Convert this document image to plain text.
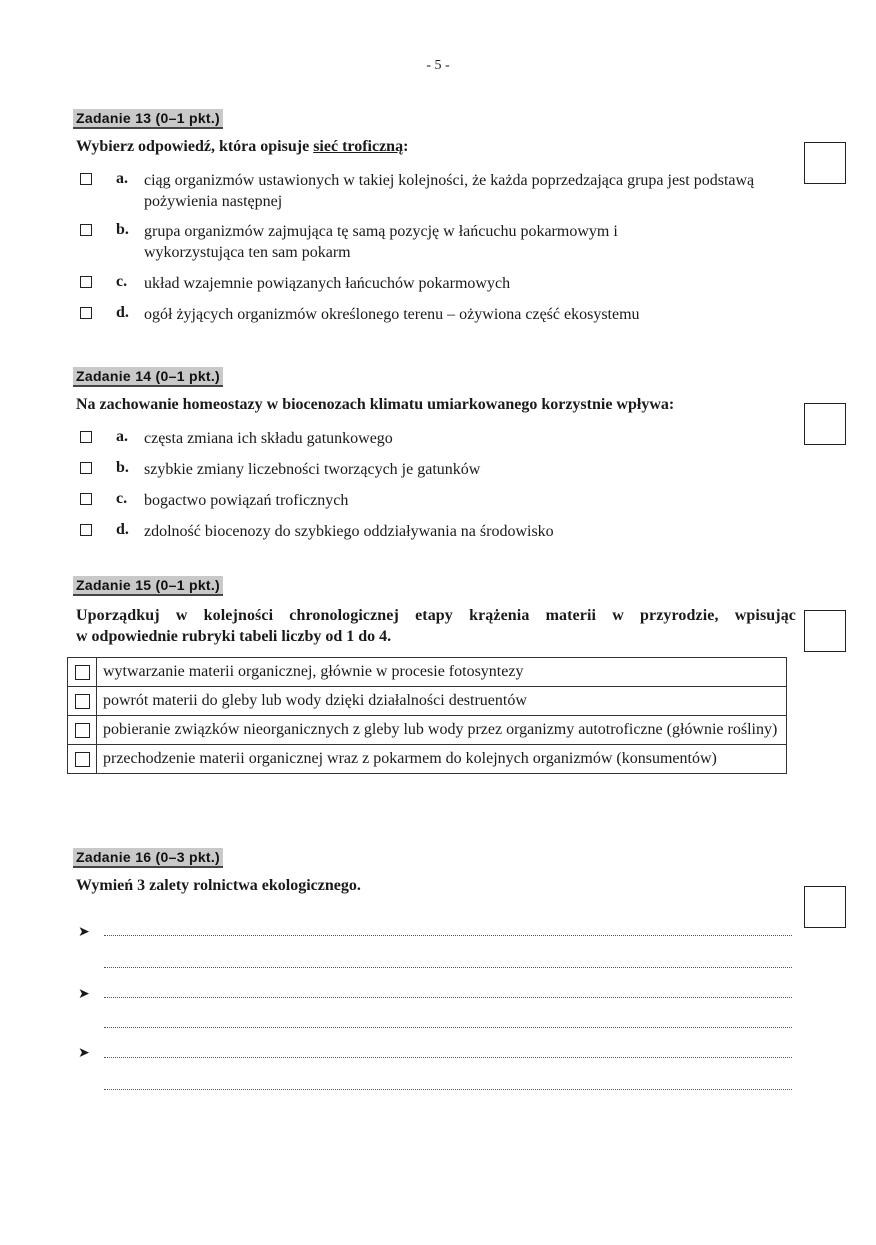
- 5 -
Zadanie 13 (0–1 pkt.)
Wybierz odpowiedź, która opisuje sieć troficzną:
a. ciąg organizmów ustawionych w takiej kolejności, że każda poprzedzająca grupa jest podstawą pożywienia następnej
b. grupa organizmów zajmująca tę samą pozycję w łańcuchu pokarmowym i wykorzystująca ten sam pokarm
c. układ wzajemnie powiązanych łańcuchów pokarmowych
d. ogół żyjących organizmów określonego terenu – ożywiona część ekosystemu
Zadanie 14 (0–1 pkt.)
Na zachowanie homeostazy w biocenozach klimatu umiarkowanego korzystnie wpływa:
a. częsta zmiana ich składu gatunkowego
b. szybkie zmiany liczebności tworzących je gatunków
c. bogactwo powiązań troficznych
d. zdolność biocenozy do szybkiego oddziaływania na środowisko
Zadanie 15 (0–1 pkt.)
Uporządkuj w kolejności chronologicznej etapy krążenia materii w przyrodzie, wpisując
w odpowiednie rubryki tabeli liczby od 1 do 4.
	wytwarzanie materii organicznej, głównie w procesie fotosyntezy
	powrót materii do gleby lub wody dzięki działalności destruentów
	pobieranie związków nieorganicznych z gleby lub wody przez organizmy autotroficzne (głównie rośliny)
	przechodzenie materii organicznej wraz z pokarmem do kolejnych organizmów (konsumentów)
Zadanie 16 (0–3 pkt.)
Wymień 3 zalety rolnictwa ekologicznego.
➤
➤
➤
